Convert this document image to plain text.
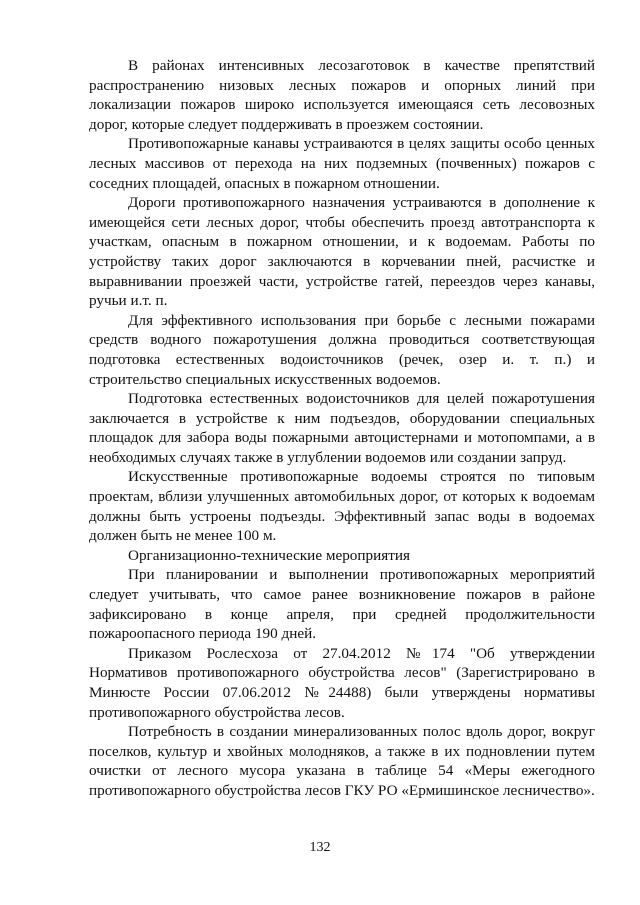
В районах интенсивных лесозаготовок в качестве препятствий распространению низовых лесных пожаров и опорных линий при локализации пожаров широко используется имеющаяся сеть лесовозных дорог, которые следует поддерживать в проезжем состоянии.

Противопожарные канавы устраиваются в целях защиты особо ценных лесных массивов от перехода на них подземных (почвенных) пожаров с соседних площадей, опасных в пожарном отношении.

Дороги противопожарного назначения устраиваются в дополнение к имеющейся сети лесных дорог, чтобы обеспечить проезд автотранспорта к участкам, опасным в пожарном отношении, и к водоемам. Работы по устройству таких дорог заключаются в корчевании пней, расчистке и выравнивании проезжей части, устройстве гатей, переездов через канавы, ручьи и.т. п.

Для эффективного использования при борьбе с лесными пожарами средств водного пожаротушения должна проводиться соответствующая подготовка естественных водоисточников (речек, озер и. т. п.) и строительство специальных искусственных водоемов.

Подготовка естественных водоисточников для целей пожаротушения заключается в устройстве к ним подъездов, оборудовании специальных площадок для забора воды пожарными автоцистернами и мотопомпами, а в необходимых случаях также в углублении водоемов или создании запруд.

Искусственные противопожарные водоемы строятся по типовым проектам, вблизи улучшенных автомобильных дорог, от которых к водоемам должны быть устроены подъезды. Эффективный запас воды в водоемах должен быть не менее 100 м.

Организационно-технические мероприятия

При планировании и выполнении противопожарных мероприятий следует учитывать, что самое ранее возникновение пожаров в районе зафиксировано в конце апреля, при средней продолжительности пожароопасного периода 190 дней.

Приказом Рослесхоза от 27.04.2012 №174 "Об утверждении Нормативов противопожарного обустройства лесов" (Зарегистрировано в Минюсте России 07.06.2012 №24488) были утверждены нормативы противопожарного обустройства лесов.

Потребность в создании минерализованных полос вдоль дорог, вокруг поселков, культур и хвойных молодняков, а также в их подновлении путем очистки от лесного мусора указана в таблице 54 «Меры ежегодного противопожарного обустройства лесов ГКУ РО «Ермишинское лесничество».

132
